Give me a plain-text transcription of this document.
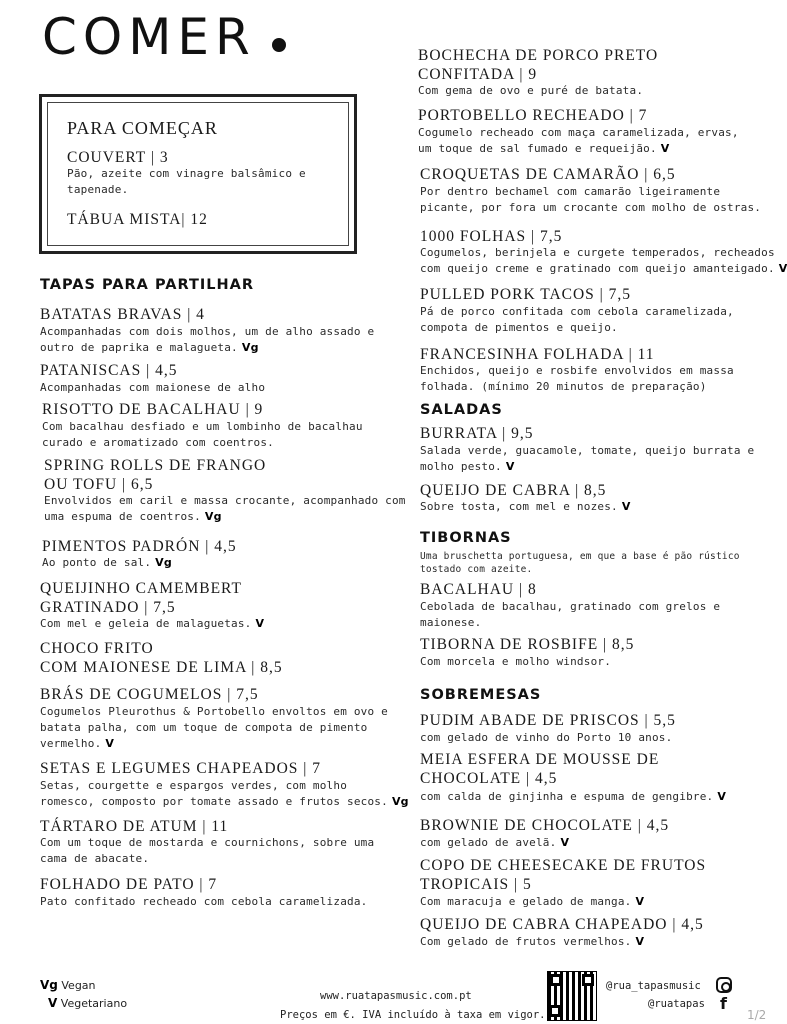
COMER
PARA COMEÇAR
COUVERT | 3
Pão, azeite com vinagre balsâmico e
tapenade.
TÁBUA MISTA| 12
TAPAS PARA PARTILHAR
BATATAS BRAVAS | 4
Acompanhadas com dois molhos, um de alho assado e
outro de paprika e malagueta. Vg
PATANISCAS | 4,5
Acompanhadas com maionese de alho
RISOTTO DE BACALHAU | 9
Com bacalhau desfiado e um lombinho de bacalhau
curado e aromatizado com coentros.
SPRING ROLLS DE FRANGO
OU TOFU | 6,5
Envolvidos em caril e massa crocante, acompanhado com
uma espuma de coentros. Vg
PIMENTOS PADRÓN | 4,5
Ao ponto de sal. Vg
QUEIJINHO CAMEMBERT
GRATINADO | 7,5
Com mel e geleia de malaguetas. V
CHOCO FRITO
COM MAIONESE DE LIMA | 8,5
BRÁS DE COGUMELOS | 7,5
Cogumelos Pleurothus & Portobello envoltos em ovo e
batata palha, com um toque de compota de pimento
vermelho. V
SETAS E LEGUMES CHAPEADOS | 7
Setas, courgette e espargos verdes, com molho
romesco, composto por tomate assado e frutos secos. Vg
TÁRTARO DE ATUM | 11
Com um toque de mostarda e cournichons, sobre uma
cama de abacate.
FOLHADO DE PATO | 7
Pato confitado recheado com cebola caramelizada.
BOCHECHA DE PORCO PRETO
CONFITADA | 9
Com gema de ovo e puré de batata.
PORTOBELLO RECHEADO | 7
Cogumelo recheado com maça caramelizada, ervas,
um toque de sal fumado e requeijão. V
CROQUETAS DE CAMARÃO | 6,5
Por dentro bechamel com camarão ligeiramente
picante, por fora um crocante com molho de ostras.
1000 FOLHAS | 7,5
Cogumelos, berinjela e curgete temperados, recheados
com queijo creme e gratinado com queijo amanteigado. V
PULLED PORK TACOS | 7,5
Pá de porco confitada com cebola caramelizada,
compota de pimentos e queijo.
FRANCESINHA FOLHADA | 11
Enchidos, queijo e rosbife envolvidos em massa
folhada. (mínimo 20 minutos de preparação)
SALADAS
BURRATA | 9,5
Salada verde, guacamole, tomate, queijo burrata e
molho pesto. V
QUEIJO DE CABRA | 8,5
Sobre tosta, com mel e nozes. V
TIBORNAS
Uma bruschetta portuguesa, em que a base é pão rústico
tostado com azeite.
BACALHAU | 8
Cebolada de bacalhau, gratinado com grelos e
maionese.
TIBORNA DE ROSBIFE | 8,5
Com morcela e molho windsor.
SOBREMESAS
PUDIM ABADE DE PRISCOS | 5,5
com gelado de vinho do Porto 10 anos.
MEIA ESFERA DE MOUSSE DE
CHOCOLATE | 4,5
com calda de ginjinha e espuma de gengibre. V
BROWNIE DE CHOCOLATE | 4,5
com gelado de avelã. V
COPO DE CHEESECAKE DE FRUTOS
TROPICAIS | 5
Com maracuja e gelado de manga. V
QUEIJO DE CABRA CHAPEADO | 4,5
Com gelado de frutos vermelhos. V
Vg Vegan
V Vegetariano
www.ruatapasmusic.com.pt
Preços em €. IVA incluído à taxa em vigor.
@rua_tapasmusic
@ruatapas f
1/2
